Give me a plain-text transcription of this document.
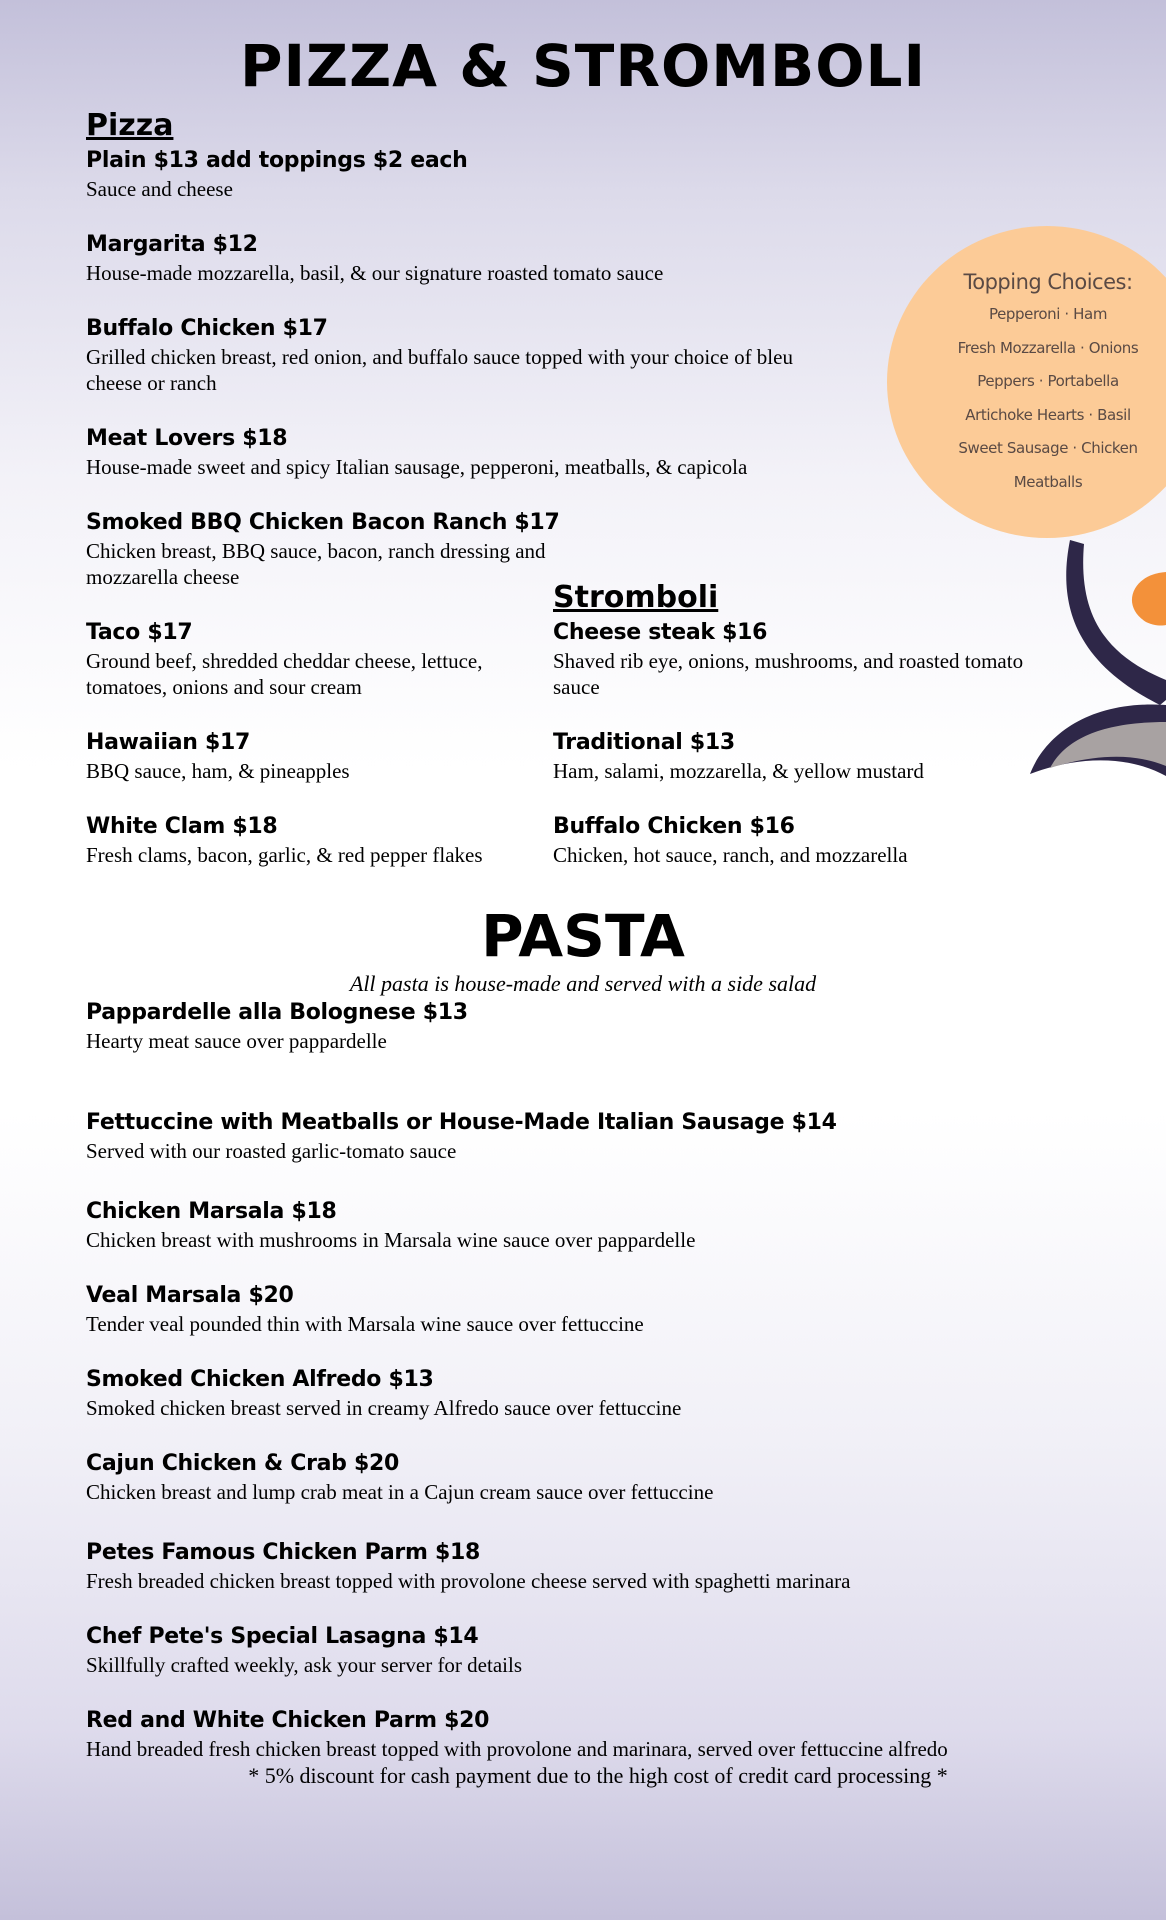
PIZZA & STROMBOLI
Topping Choices:
Pepperoni · Ham
Fresh Mozzarella · Onions
Peppers · Portabella
Artichoke Hearts · Basil
Sweet Sausage · Chicken
Meatballs
Pizza
Plain $13 add toppings $2 each
Sauce and cheese
Margarita $12
House-made mozzarella, basil, & our signature roasted tomato sauce
Buffalo Chicken $17
Grilled chicken breast, red onion, and buffalo sauce topped with your choice of bleu cheese or ranch
Meat Lovers $18
House-made sweet and spicy Italian sausage, pepperoni, meatballs, & capicola
Smoked BBQ Chicken Bacon Ranch $17
Chicken breast, BBQ sauce, bacon, ranch dressing and mozzarella cheese
Taco $17
Ground beef, shredded cheddar cheese, lettuce, tomatoes, onions and sour cream
Hawaiian $17
BBQ sauce, ham, & pineapples
White Clam $18
Fresh clams, bacon, garlic, & red pepper flakes
Stromboli
Cheese steak $16
Shaved rib eye, onions, mushrooms, and roasted tomato sauce
Traditional $13
Ham, salami, mozzarella, & yellow mustard
Buffalo Chicken $16
Chicken, hot sauce, ranch, and mozzarella
PASTA
All pasta is house-made and served with a side salad
Pappardelle alla Bolognese $13
Hearty meat sauce over pappardelle
Fettuccine with Meatballs or House-Made Italian Sausage $14
Served with our roasted garlic-tomato sauce
Chicken Marsala $18
Chicken breast with mushrooms in Marsala wine sauce over pappardelle
Veal Marsala $20
Tender veal pounded thin with Marsala wine sauce over fettuccine
Smoked Chicken Alfredo $13
Smoked chicken breast served in creamy Alfredo sauce over fettuccine
Cajun Chicken & Crab $20
Chicken breast and lump crab meat in a Cajun cream sauce over fettuccine
Petes Famous Chicken Parm $18
Fresh breaded chicken breast topped with provolone cheese served with spaghetti marinara
Chef Pete's Special Lasagna $14
Skillfully crafted weekly, ask your server for details
Red and White Chicken Parm $20
Hand breaded fresh chicken breast topped with provolone and marinara, served over fettuccine alfredo
* 5% discount for cash payment due to the high cost of credit card processing *
